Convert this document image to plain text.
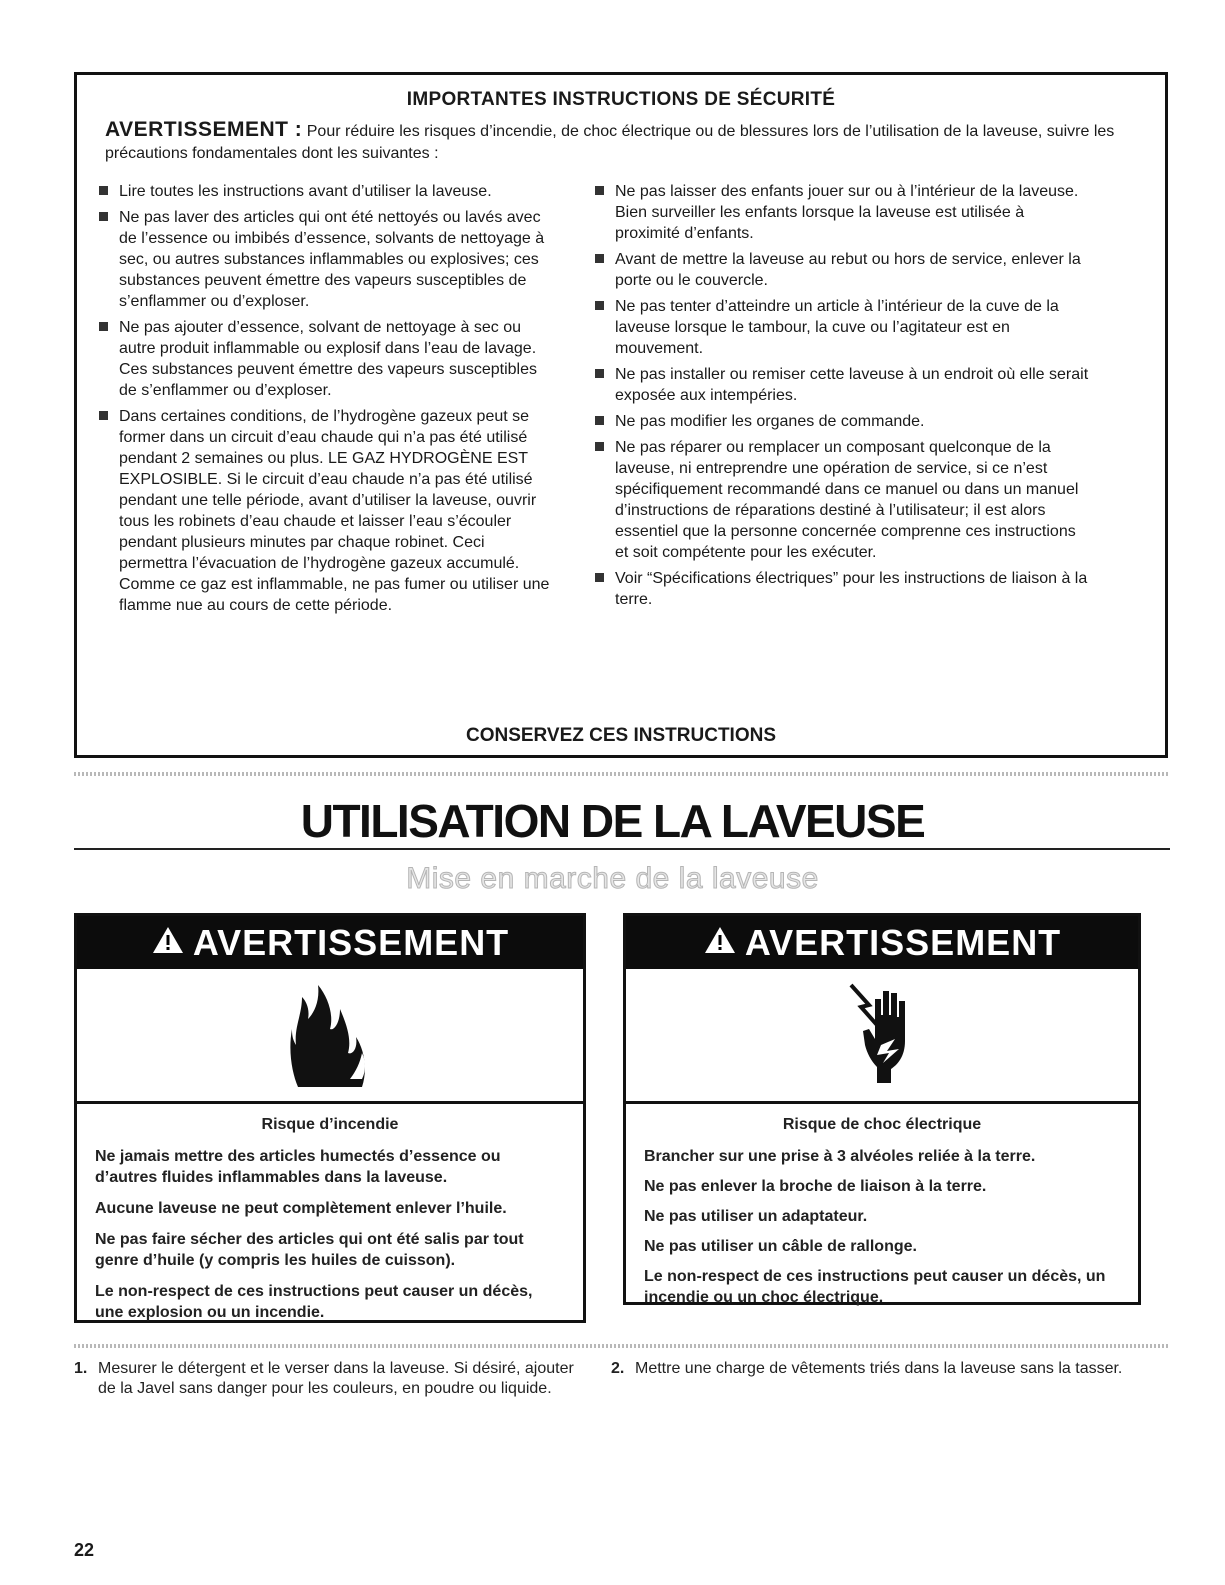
IMPORTANTES INSTRUCTIONS DE SÉCURITÉ
AVERTISSEMENT : Pour réduire les risques d’incendie, de choc électrique ou de blessures lors de l’utilisation de la laveuse, suivre les précautions fondamentales dont les suivantes :
Lire toutes les instructions avant d’utiliser la laveuse.
Ne pas laver des articles qui ont été nettoyés ou lavés avec de l’essence ou imbibés d’essence, solvants de nettoyage à sec, ou autres substances inflammables ou explosives; ces substances peuvent émettre des vapeurs susceptibles de s’enflammer ou d’exploser.
Ne pas ajouter d’essence, solvant de nettoyage à sec ou autre produit inflammable ou explosif dans l’eau de lavage. Ces substances peuvent émettre des vapeurs susceptibles de s’enflammer ou d’exploser.
Dans certaines conditions, de l’hydrogène gazeux peut se former dans un circuit d’eau chaude qui n’a pas été utilisé pendant 2 semaines ou plus. LE GAZ HYDROGÈNE EST EXPLOSIBLE. Si le circuit d’eau chaude n’a pas été utilisé pendant une telle période, avant d’utiliser la laveuse, ouvrir tous les robinets d’eau chaude et laisser l’eau s’écouler pendant plusieurs minutes par chaque robinet. Ceci permettra l’évacuation de l’hydrogène gazeux accumulé. Comme ce gaz est inflammable, ne pas fumer ou utiliser une flamme nue au cours de cette période.
Ne pas laisser des enfants jouer sur ou à l’intérieur de la laveuse. Bien surveiller les enfants lorsque la laveuse est utilisée à proximité d’enfants.
Avant de mettre la laveuse au rebut ou hors de service, enlever la porte ou le couvercle.
Ne pas tenter d’atteindre un article à l’intérieur de la cuve de la laveuse lorsque le tambour, la cuve ou l’agitateur est en mouvement.
Ne pas installer ou remiser cette laveuse à un endroit où elle serait exposée aux intempéries.
Ne pas modifier les organes de commande.
Ne pas réparer ou remplacer un composant quelconque de la laveuse, ni entreprendre une opération de service, si ce n’est spécifiquement recommandé dans ce manuel ou dans un manuel d’instructions de réparations destiné à l’utilisateur; il est alors essentiel que la personne concernée comprenne ces instructions et soit compétente pour les exécuter.
Voir “Spécifications électriques” pour les instructions de liaison à la terre.
CONSERVEZ CES INSTRUCTIONS
UTILISATION DE LA LAVEUSE
Mise en marche de la laveuse
AVERTISSEMENT
Risque d’incendie

Ne jamais mettre des articles humectés d’essence ou d’autres fluides inflammables dans la laveuse.

Aucune laveuse ne peut complètement enlever l’huile.

Ne pas faire sécher des articles qui ont été salis par tout genre d’huile (y compris les huiles de cuisson).

Le non-respect de ces instructions peut causer un décès, une explosion ou un incendie.

AVERTISSEMENT
Risque de choc électrique

Brancher sur une prise à 3 alvéoles reliée à la terre.

Ne pas enlever la broche de liaison à la terre.

Ne pas utiliser un adaptateur.

Ne pas utiliser un câble de rallonge.

Le non-respect de ces instructions peut causer un décès, un incendie ou un choc électrique.

1. Mesurer le détergent et le verser dans la laveuse. Si désiré, ajouter de la Javel sans danger pour les couleurs, en poudre ou liquide.
2. Mettre une charge de vêtements triés dans la laveuse sans la tasser.
22
